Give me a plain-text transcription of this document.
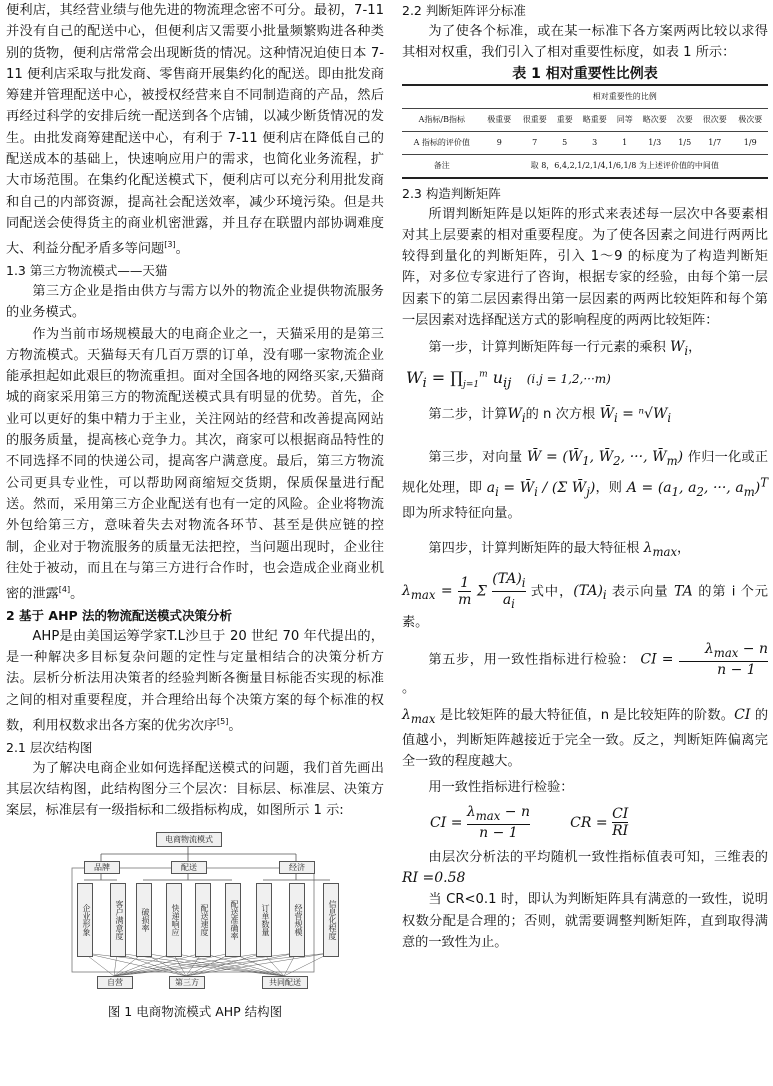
便利店，其经营业绩与他先进的物流理念密不可分。最初，7-11并没有自己的配送中心，但便利店又需要小批量频繁购进各种类别的货物，便利店常常会出现断货的情况。这种情况迫使日本 7-11 便利店采取与批发商、零售商开展集约化的配送。即由批发商筹建并管理配送中心，被授权经营来自不同制造商的产品，然后再经过科学的安排后统一配送到各个店铺，以减少断货情况的发生。由批发商筹建配送中心，有利于 7-11 便利店在降低自己的配送成本的基础上，快速响应用户的需求，也简化业务流程，扩大市场范围。在集约化配送模式下，便利店可以充分利用批发商和自己的内部资源，提高社会配送效率，减少环境污染。但是共同配送会使得货主的商业机密泄露，并且存在联盟内部协调难度大、利益分配矛盾多等问题[3]。

1.3 第三方物流模式——天猫

第三方企业是指由供方与需方以外的物流企业提供物流服务的业务模式。

作为当前市场规模最大的电商企业之一，天猫采用的是第三方物流模式。天猫每天有几百万票的订单，没有哪一家物流企业能承担起如此艰巨的物流重担。面对全国各地的网络买家,天猫商城的商家采用第三方的物流配送模式具有明显的优势。首先，企业可以更好的集中精力于主业，关注网站的经营和改善提高网站的服务质量，提高核心竞争力。其次，商家可以根据商品特性的不同选择不同的快递公司，提高客户满意度。最后，第三方物流公司更具专业性，可以帮助网商缩短交货期，保质保量进行配送。然而，采用第三方企业配送有也有一定的风险。企业将物流外包给第三方，意味着失去对物流各环节、甚至是供应链的控制，企业对于物流服务的质量无法把控，当问题出现时，企业往往处于被动，而且在与第三方进行合作时，也会造成企业商业机密的泄露[4]。

2 基于 AHP 法的物流配送模式决策分析

AHP是由美国运筹学家T.L沙旦于 20 世纪 70 年代提出的，是一种解决多目标复杂问题的定性与定量相结合的决策分析方法。层析分析法用决策者的经验判断各衡量目标能否实现的标准之间的相对重要程度，并合理给出每个决策方案的每个标准的权数，利用权数求出各方案的优劣次序[5]。

2.1 层次结构图

为了解决电商企业如何选择配送模式的问题，我们首先画出其层次结构图，此结构图分三个层次：目标层、标准层、决策方案层，标准层有一级指标和二级指标构成，如图所示 1 示:

电商物流模式
品牌	配送	经济
企业形象	客户满意度	破损率	快递响应	配送速度	配送准确率	订单数量	经营规模	信息化程度
自营	第三方	共同配送
图 1 电商物流模式 AHP 结构图
2.2 判断矩阵评分标准

为了使各个标准，或在某一标准下各方案两两比较以求得其相对权重，我们引入了相对重要性标度，如表 1 所示：

表 1 相对重要性比例表
	相对重要性的比例								
A指标/B指标	极重要	很重要	重要	略重要	同等	略次要	次要	很次要	极次要
A 指标的评价值	9	7	5	3	1	1/3	1/5	1/7	1/9
备注	取 8，6,4,2,1/2,1/4,1/6,1/8 为上述评价值的中间值								
2.3 构造判断矩阵

所谓判断矩阵是以矩阵的形式来表述每一层次中各要素相对其上层要素的相对重要程度。为了使各因素之间进行两两比较得到量化的判断矩阵，引入 1～9 的标度为了构造判断矩阵，对多位专家进行了咨询，根据专家的经验，由每个第一层因素下的第二层因素得出第一层因素的两两比较矩阵和每个第一层因素对选择配送方式的影响程度的两两比较矩阵：

第一步，计算判断矩阵每一行元素的乘积 $W_i$，

$W_i$ = $\prod_{j=1}^m$ $u_{ij}$ (i.j = 1,2,···m)

第二步，计算$W_i$的 n 次方根 $W̄_i = ^n√W_i$

第三步，对向量 W̄ = ($W̄_1$, $W̄_2$, ···, $W̄_m$) 作归一化或正规化处理，即 $a_i$ = $W̄_i / (\Sigma$ $W̄_j$)，则 $A = (a_1$, $a_2$, ···, $a_m)^T$ 即为所求特征向量。

第四步，计算判断矩阵的最大特征根 $\lambda_{max}$，

$\lambda_{max} = \frac{1}{m}$ Σ $\frac{(TA)_i}{a_i}$ 式中，$(TA)_i$ 表示向量 TA 的第 i 个元素。

第五步，用一致性指标进行检验： CI = $\frac{\lambda_{max} - n}{n - 1}$
。

$\lambda_{max}$ 是比较矩阵的最大特征值，n 是比较矩阵的阶数。CI 的值越小，判断矩阵越接近于完全一致。反之，判断矩阵偏离完全一致的程度越大。

用一致性指标进行检验：

CI = $\frac{\lambda_{max} - n}{n - 1}$	CR = $\frac{CI}{RI}$

由层次分析法的平均随机一致性指标值表可知，三维表的 RI =0.58

当 CR<0.1 时，即认为判断矩阵具有满意的一致性，说明权数分配是合理的；否则，就需要调整判断矩阵，直到取得满意的一致性为止。
